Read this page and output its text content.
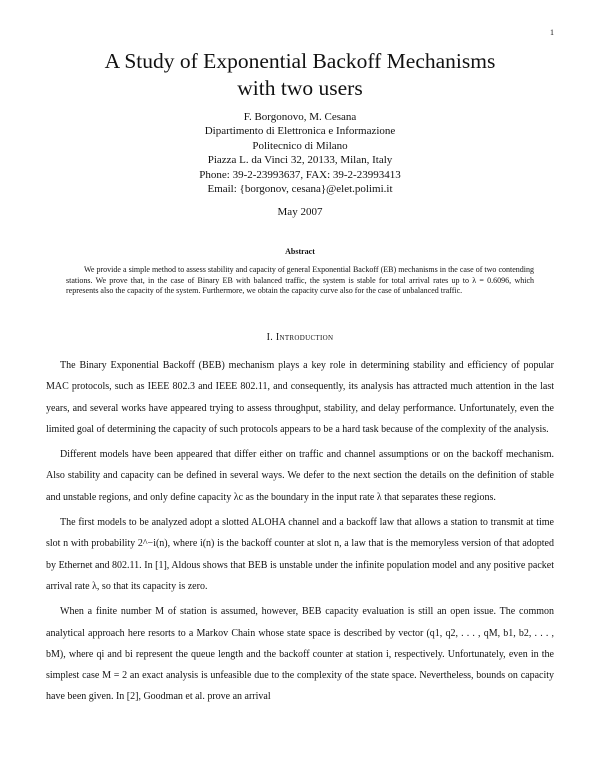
1
A Study of Exponential Backoff Mechanisms
with two users
F. Borgonovo, M. Cesana
Dipartimento di Elettronica e Informazione
Politecnico di Milano
Piazza L. da Vinci 32, 20133, Milan, Italy
Phone: 39-2-23993637, FAX: 39-2-23993413
Email: {borgonov, cesana}@elet.polimi.it
May 2007
Abstract
We provide a simple method to assess stability and capacity of general Exponential Backoff (EB) mechanisms in the case of two contending stations. We prove that, in the case of Binary EB with balanced traffic, the system is stable for total arrival rates up to λ = 0.6096, which represents also the capacity of the system. Furthermore, we obtain the capacity curve also for the case of unbalanced traffic.
I. Introduction

The Binary Exponential Backoff (BEB) mechanism plays a key role in determining stability and efficiency of popular MAC protocols, such as IEEE 802.3 and IEEE 802.11, and consequently, its analysis has attracted much attention in the last years, and several works have appeared trying to assess throughput, stability, and delay performance. Unfortunately, even the limited goal of determining the capacity of such protocols appears to be a hard task because of the complexity of the analysis.

Different models have been appeared that differ either on traffic and channel assumptions or on the backoff mechanism. Also stability and capacity can be defined in several ways. We defer to the next section the details on the definition of stable and unstable regions, and only define capacity λc as the boundary in the input rate λ that separates these regions.

The first models to be analyzed adopt a slotted ALOHA channel and a backoff law that allows a station to transmit at time slot n with probability 2^−i(n), where i(n) is the backoff counter at slot n, a law that is the memoryless version of that adopted by Ethernet and 802.11. In [1], Aldous shows that BEB is unstable under the infinite population model and any positive packet arrival rate λ, so that its capacity is zero.

When a finite number M of station is assumed, however, BEB capacity evaluation is still an open issue. The common analytical approach here resorts to a Markov Chain whose state space is described by vector (q1, q2, . . . , qM, b1, b2, . . . , bM), where qi and bi represent the queue length and the backoff counter at station i, respectively. Unfortunately, even in the simplest case M = 2 an exact analysis is unfeasible due to the complexity of the state space. Nevertheless, bounds on capacity have been given. In [2], Goodman et al. prove an arrival
